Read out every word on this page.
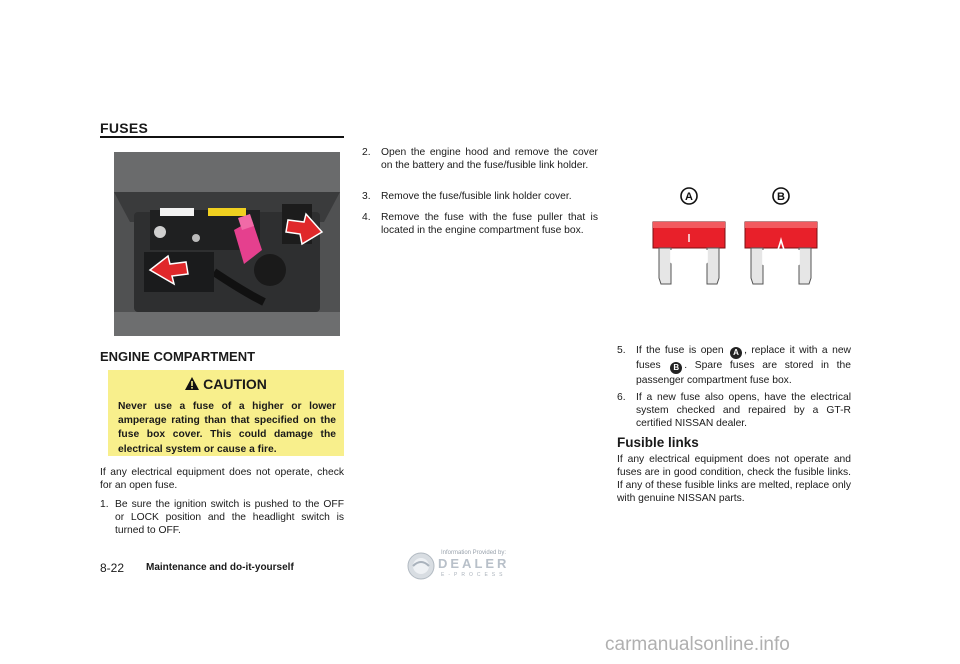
FUSES
ENGINE COMPARTMENT
CAUTION
Never use a fuse of a higher or lower amperage rating than that specified on the fuse box cover. This could damage the electrical system or cause a fire.
If any electrical equipment does not operate, check for an open fuse.
1. Be sure the ignition switch is pushed to the OFF or LOCK position and the headlight switch is turned to OFF.
2. Open the engine hood and remove the cover on the battery and the fuse/fusible link holder.
3. Remove the fuse/fusible link holder cover.
4. Remove the fuse with the fuse puller that is located in the engine compartment fuse box.
A	B
5. If the fuse is open A , replace it with a new fuses B . Spare fuses are stored in the passenger compartment fuse box.
6. If a new fuse also opens, have the electrical system checked and repaired by a GT-R certified NISSAN dealer.
Fusible links
If any electrical equipment does not operate and fuses are in good condition, check the fusible links. If any of these fusible links are melted, replace only with genuine NISSAN parts.
8-22 Maintenance and do-it-yourself
Information Provided by:
DEALER
E-PROCESS
carmanualsonline.info
